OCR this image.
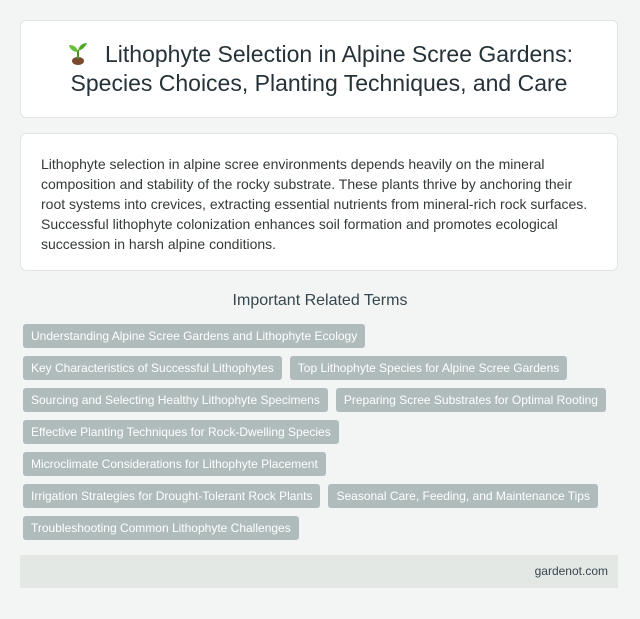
Lithophyte Selection in Alpine Scree Gardens: Species Choices, Planting Techniques, and Care

Lithophyte selection in alpine scree environments depends heavily on the mineral composition and stability of the rocky substrate. These plants thrive by anchoring their root systems into crevices, extracting essential nutrients from mineral-rich rock surfaces. Successful lithophyte colonization enhances soil formation and promotes ecological succession in harsh alpine conditions.

Important Related Terms
Understanding Alpine Scree Gardens and Lithophyte Ecology
Key Characteristics of Successful Lithophytes	Top Lithophyte Species for Alpine Scree Gardens
Sourcing and Selecting Healthy Lithophyte Specimens	Preparing Scree Substrates for Optimal Rooting
Effective Planting Techniques for Rock-Dwelling Species
Microclimate Considerations for Lithophyte Placement
Irrigation Strategies for Drought-Tolerant Rock Plants	Seasonal Care, Feeding, and Maintenance Tips
Troubleshooting Common Lithophyte Challenges
gardenot.com
